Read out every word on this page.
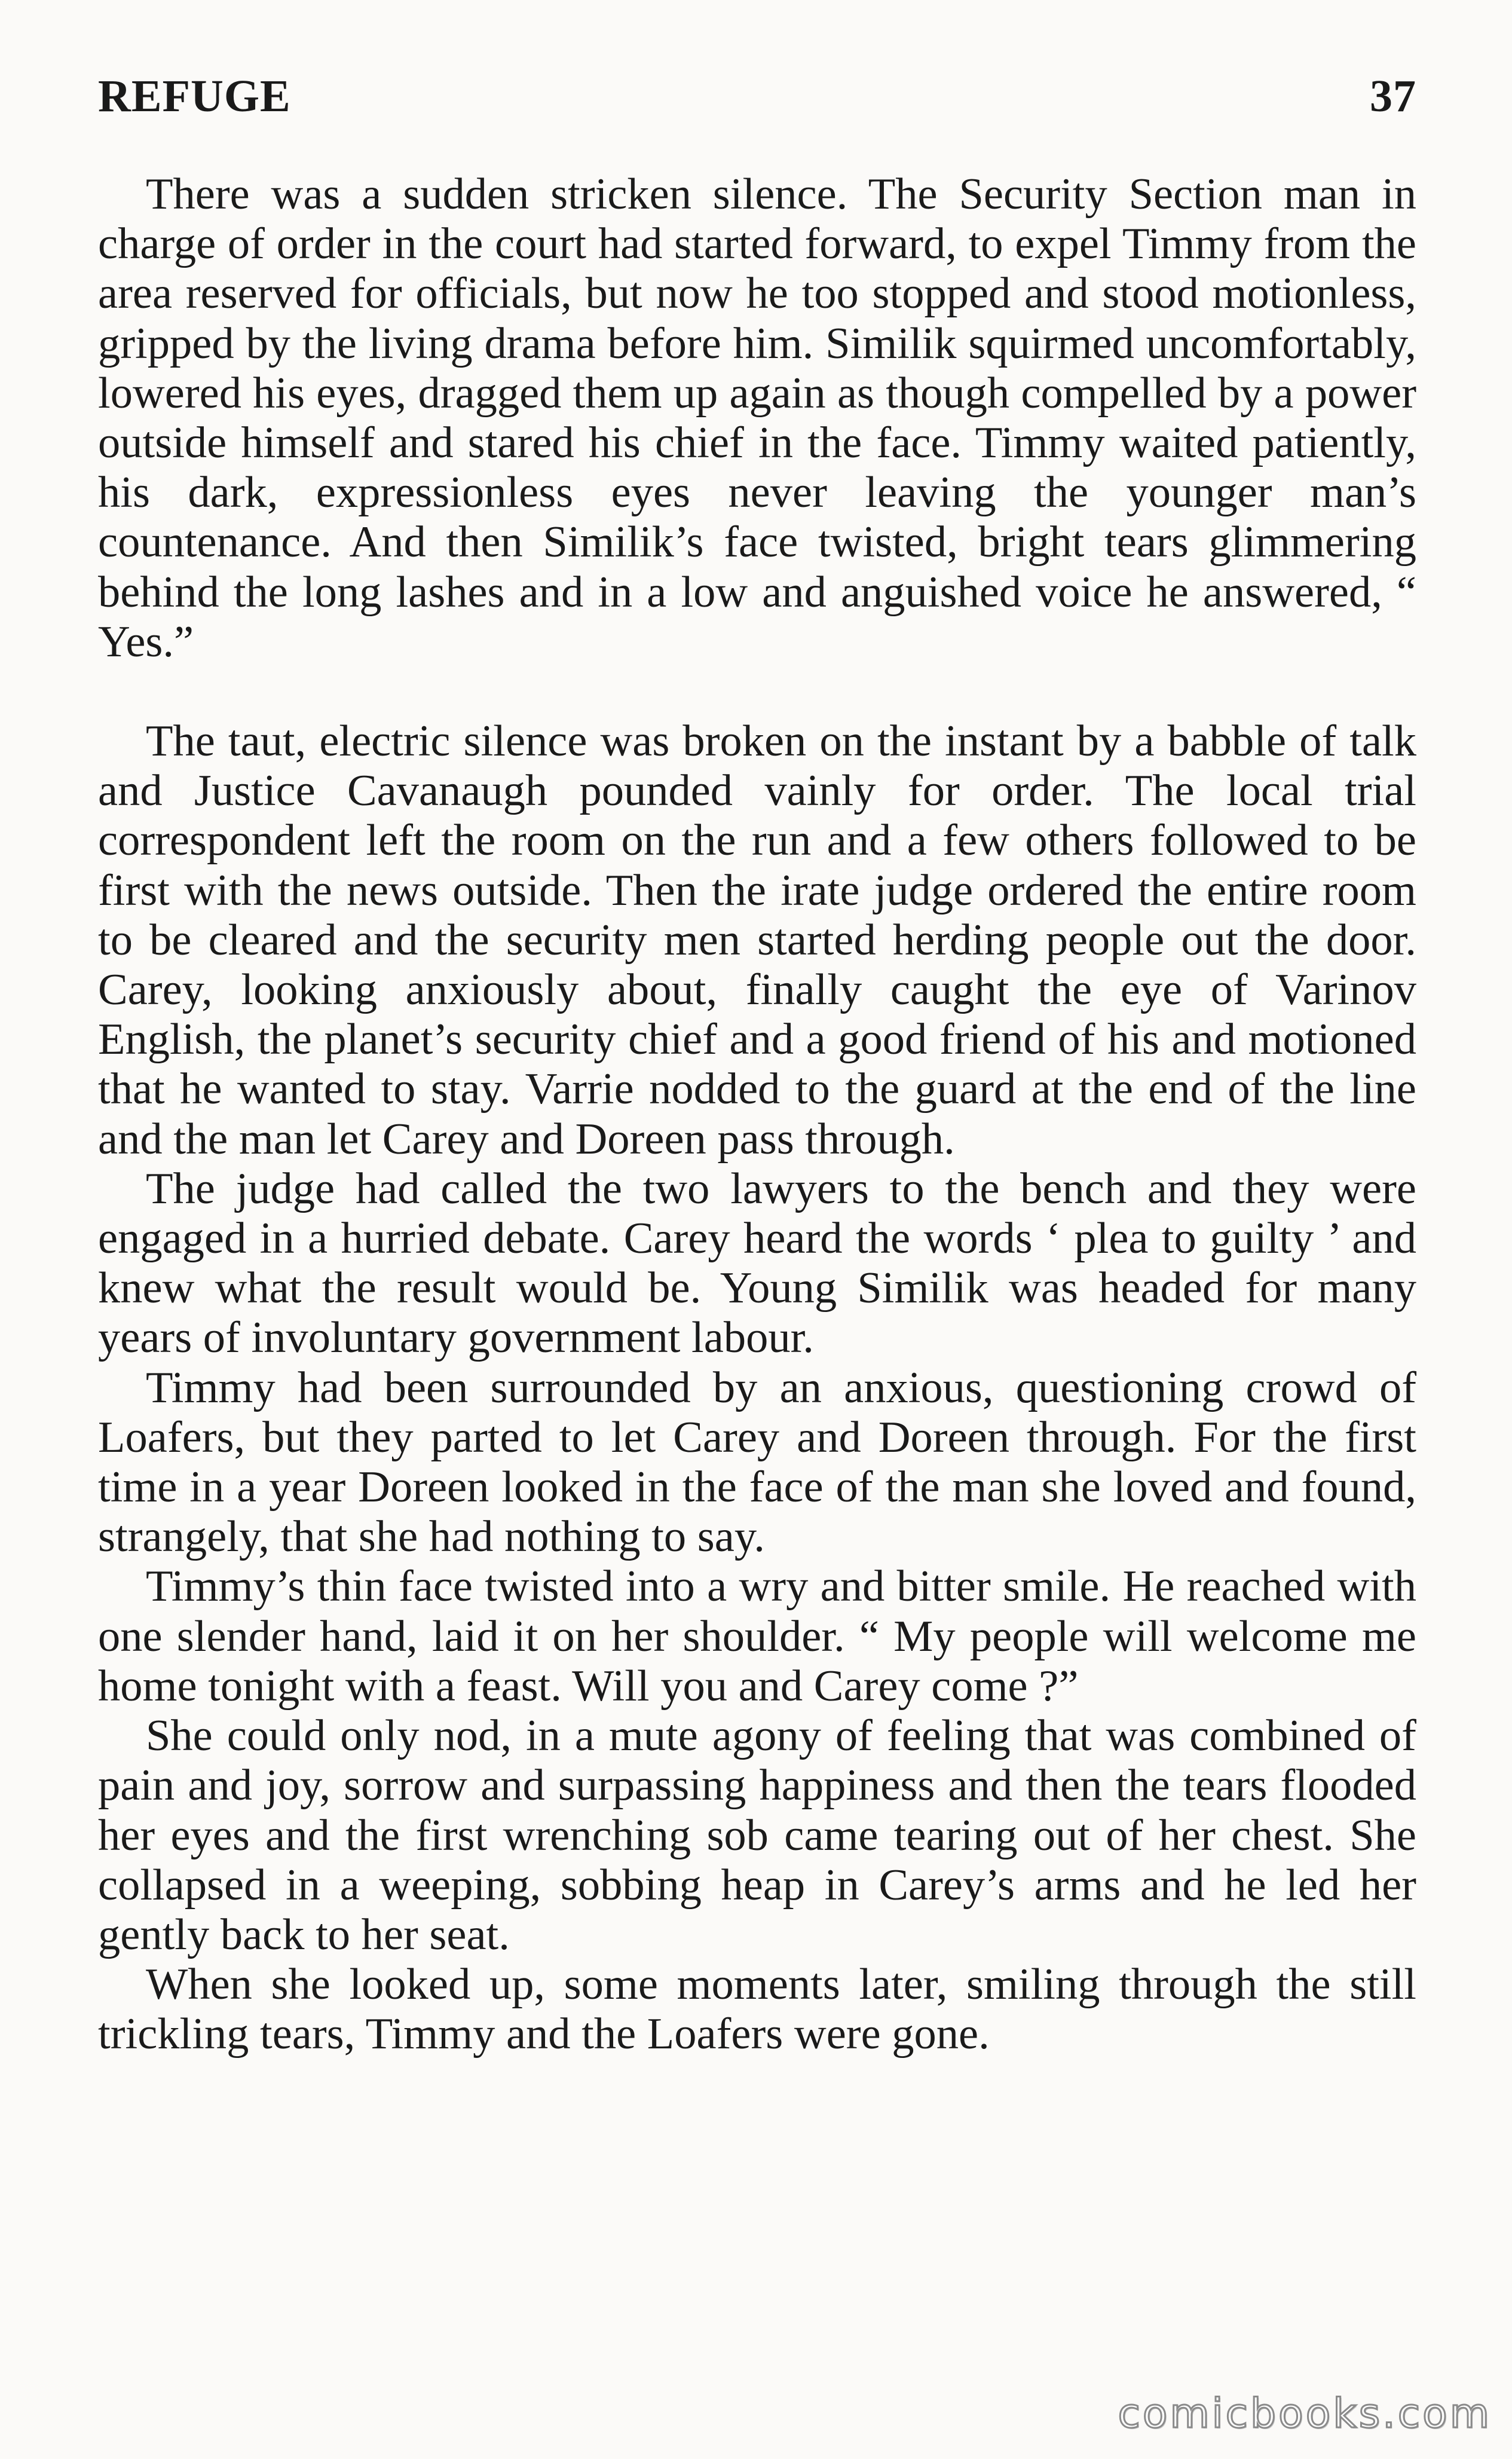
REFUGE	37

There was a sudden stricken silence. The Security Section man in charge of order in the court had started forward, to expel Timmy from the area reserved for officials, but now he too stopped and stood motionless, gripped by the living drama before him. Similik squirmed uncomfortably, lowered his eyes, dragged them up again as though compelled by a power outside himself and stared his chief in the face. Timmy waited patiently, his dark, expressionless eyes never leaving the younger man’s countenance. And then Similik’s face twisted, bright tears glimmering behind the long lashes and in a low and anguished voice he answered, “ Yes.”

The taut, electric silence was broken on the instant by a babble of talk and Justice Cavanaugh pounded vainly for order. The local trial correspondent left the room on the run and a few others followed to be first with the news outside. Then the irate judge ordered the entire room to be cleared and the security men started herding people out the door. Carey, looking anxiously about, finally caught the eye of Varinov English, the planet’s security chief and a good friend of his and motioned that he wanted to stay. Varrie nodded to the guard at the end of the line and the man let Carey and Doreen pass through.

The judge had called the two lawyers to the bench and they were engaged in a hurried debate. Carey heard the words ‘ plea to guilty ’ and knew what the result would be. Young Similik was headed for many years of involuntary government labour.

Timmy had been surrounded by an anxious, questioning crowd of Loafers, but they parted to let Carey and Doreen through. For the first time in a year Doreen looked in the face of the man she loved and found, strangely, that she had nothing to say.

Timmy’s thin face twisted into a wry and bitter smile. He reached with one slender hand, laid it on her shoulder. “ My people will welcome me home tonight with a feast. Will you and Carey come ?”

She could only nod, in a mute agony of feeling that was combined of pain and joy, sorrow and surpassing happiness and then the tears flooded her eyes and the first wrenching sob came tearing out of her chest. She collapsed in a weeping, sobbing heap in Carey’s arms and he led her gently back to her seat.

When she looked up, some moments later, smiling through the still trickling tears, Timmy and the Loafers were gone.

comicbooks.com
